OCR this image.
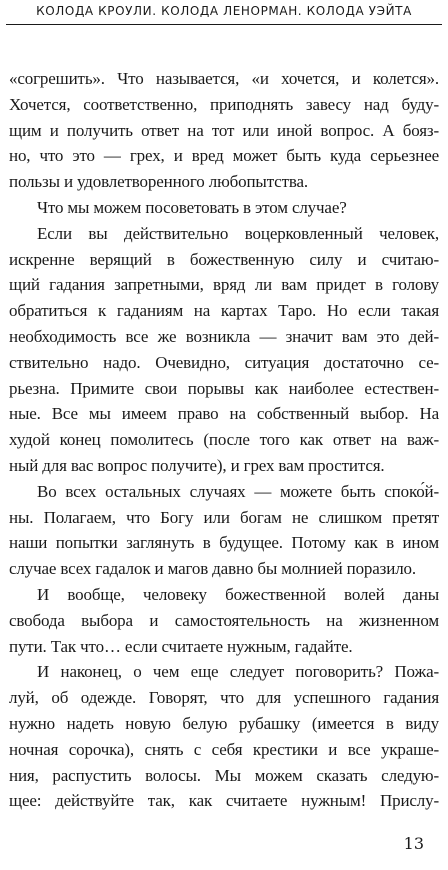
КОЛОДА КРОУЛИ. КОЛОДА ЛЕНОРМАН. КОЛОДА УЭЙТА

«согрешить». Что называется, «и хочется, и колется».

Хочется, соответственно, приподнять завесу над буду-

щим и получить ответ на тот или иной вопрос. А бояз-

но, что это — грех, и вред может быть куда серьезнее

пользы и удовлетворенного любопытства.

Что мы можем посоветовать в этом случае?

Если вы действительно воцерковленный человек,

искренне верящий в божественную силу и считаю-

щий гадания запретными, вряд ли вам придет в голову

обратиться к гаданиям на картах Таро. Но если такая

необходимость все же возникла — значит вам это дей-

ствительно надо. Очевидно, ситуация достаточно се-

рьезна. Примите свои порывы как наиболее естествен-

ные. Все мы имеем право на собственный выбор. На

худой конец помолитесь (после того как ответ на важ-

ный для вас вопрос получите), и грех вам простится.

Во всех остальных случаях — можете быть споко́й-

ны. Полагаем, что Богу или богам не слишком претят

наши попытки заглянуть в будущее. Потому как в ином

случае всех гадалок и магов давно бы молнией поразило.

И вообще, человеку божественной волей даны

свобода выбора и самостоятельность на жизненном

пути. Так что… если считаете нужным, гадайте.

И наконец, о чем еще следует поговорить? Пожа-

луй, об одежде. Говорят, что для успешного гадания

нужно надеть новую белую рубашку (имеется в виду

ночная сорочка), снять с себя крестики и все украше-

ния, распустить волосы. Мы можем сказать следую-

щее: действуйте так, как считаете нужным! Прислу-

13
